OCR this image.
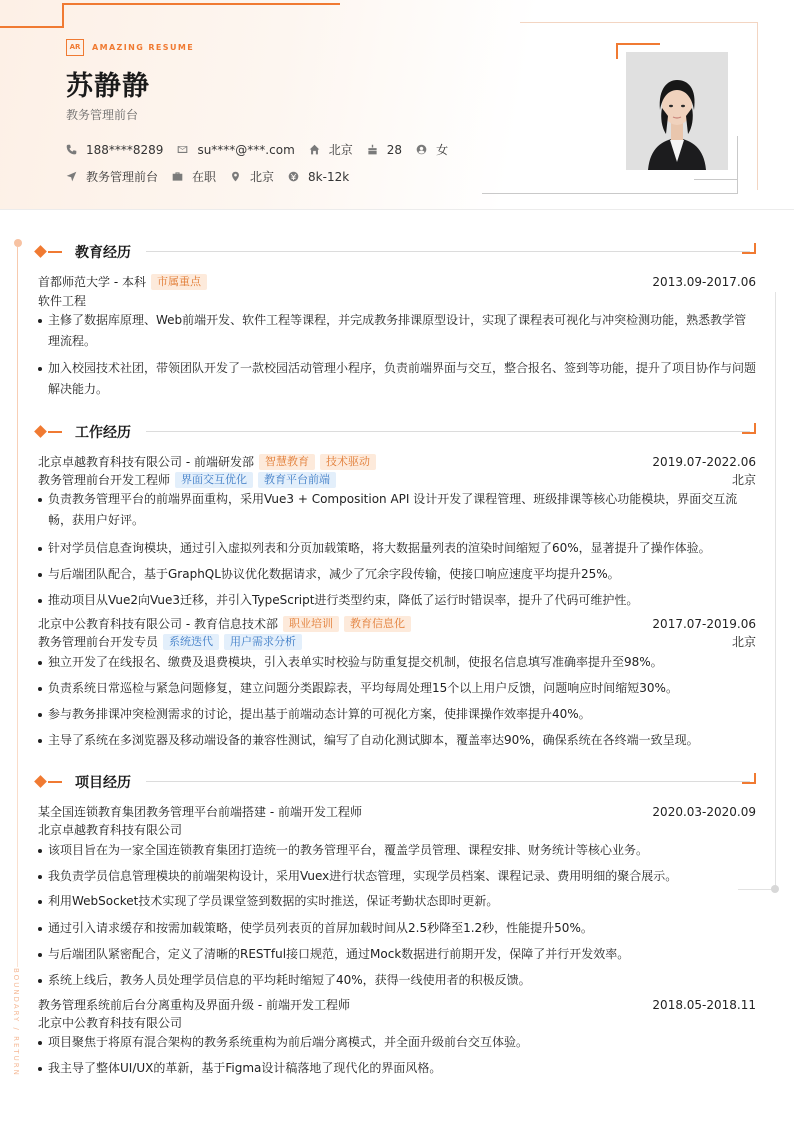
AR	AMAZING RESUME
苏静静
教务管理前台
188****8289	su****@***.com	北京	28	女
教务管理前台	在职	北京	8k-12k
BOUNDARY / RETURN
教育经历
首都师范大学 - 本科	市属重点	2013.09-2017.06
软件工程
主修了数据库原理、Web前端开发、软件工程等课程，并完成教务排课原型设计，实现了课程表可视化与冲突检测功能，熟悉教学管理流程。
加入校园技术社团，带领团队开发了一款校园活动管理小程序，负责前端界面与交互，整合报名、签到等功能，提升了项目协作与问题解决能力。
工作经历
北京卓越教育科技有限公司 - 前端研发部	智慧教育	技术驱动	2019.07-2022.06
教务管理前台开发工程师	界面交互优化	教育平台前端	北京
负责教务管理平台的前端界面重构，采用Vue3 + Composition API 设计开发了课程管理、班级排课等核心功能模块，界面交互流畅，获用户好评。
针对学员信息查询模块，通过引入虚拟列表和分页加载策略，将大数据量列表的渲染时间缩短了60%，显著提升了操作体验。
与后端团队配合，基于GraphQL协议优化数据请求，减少了冗余字段传输，使接口响应速度平均提升25%。
推动项目从Vue2向Vue3迁移，并引入TypeScript进行类型约束，降低了运行时错误率，提升了代码可维护性。
北京中公教育科技有限公司 - 教育信息技术部	职业培训	教育信息化	2017.07-2019.06
教务管理前台开发专员	系统迭代	用户需求分析	北京
独立开发了在线报名、缴费及退费模块，引入表单实时校验与防重复提交机制，使报名信息填写准确率提升至98%。
负责系统日常巡检与紧急问题修复，建立问题分类跟踪表，平均每周处理15个以上用户反馈，问题响应时间缩短30%。
参与教务排课冲突检测需求的讨论，提出基于前端动态计算的可视化方案，使排课操作效率提升40%。
主导了系统在多浏览器及移动端设备的兼容性测试，编写了自动化测试脚本，覆盖率达90%，确保系统在各终端一致呈现。
项目经历
某全国连锁教育集团教务管理平台前端搭建 - 前端开发工程师	2020.03-2020.09
北京卓越教育科技有限公司
该项目旨在为一家全国连锁教育集团打造统一的教务管理平台，覆盖学员管理、课程安排、财务统计等核心业务。
我负责学员信息管理模块的前端架构设计，采用Vuex进行状态管理，实现学员档案、课程记录、费用明细的聚合展示。
利用WebSocket技术实现了学员课堂签到数据的实时推送，保证考勤状态即时更新。
通过引入请求缓存和按需加载策略，使学员列表页的首屏加载时间从2.5秒降至1.2秒，性能提升50%。
与后端团队紧密配合，定义了清晰的RESTful接口规范，通过Mock数据进行前期开发，保障了并行开发效率。
系统上线后，教务人员处理学员信息的平均耗时缩短了40%，获得一线使用者的积极反馈。
教务管理系统前后台分离重构及界面升级 - 前端开发工程师	2018.05-2018.11
北京中公教育科技有限公司
项目聚焦于将原有混合架构的教务系统重构为前后端分离模式，并全面升级前台交互体验。
我主导了整体UI/UX的革新，基于Figma设计稿落地了现代化的界面风格。
